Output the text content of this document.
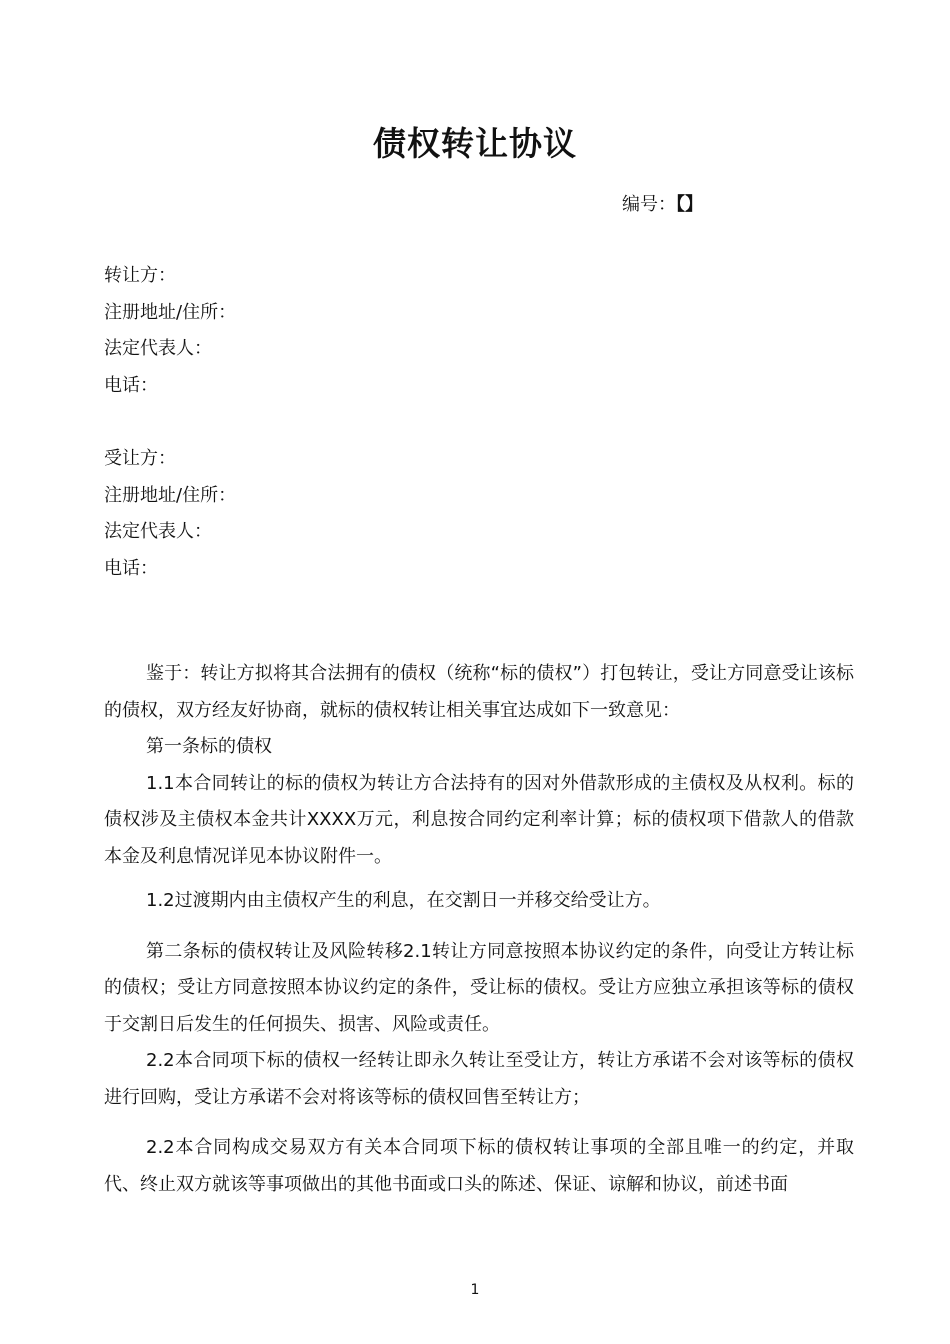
债权转让协议
编号：【】
转让方：
注册地址/住所：
法定代表人：
电话：
受让方：
注册地址/住所：
法定代表人：
电话：
鉴于：转让方拟将其合法拥有的债权（统称“标的债权”）打包转让，受让方同意受让该标的债权，双方经友好协商，就标的债权转让相关事宜达成如下一致意见：
第一条标的债权
1.1本合同转让的标的债权为转让方合法持有的因对外借款形成的主债权及从权利。标的债权涉及主债权本金共计XXXX万元，利息按合同约定利率计算；标的债权项下借款人的借款本金及利息情况详见本协议附件一。
1.2过渡期内由主债权产生的利息，在交割日一并移交给受让方。
第二条标的债权转让及风险转移2.1转让方同意按照本协议约定的条件，向受让方转让标的债权；受让方同意按照本协议约定的条件，受让标的债权。受让方应独立承担该等标的债权于交割日后发生的任何损失、损害、风险或责任。
2.2本合同项下标的债权一经转让即永久转让至受让方，转让方承诺不会对该等标的债权进行回购，受让方承诺不会对将该等标的债权回售至转让方；
2.2本合同构成交易双方有关本合同项下标的债权转让事项的全部且唯一的约定，并取代、终止双方就该等事项做出的其他书面或口头的陈述、保证、谅解和协议，前述书面
1
